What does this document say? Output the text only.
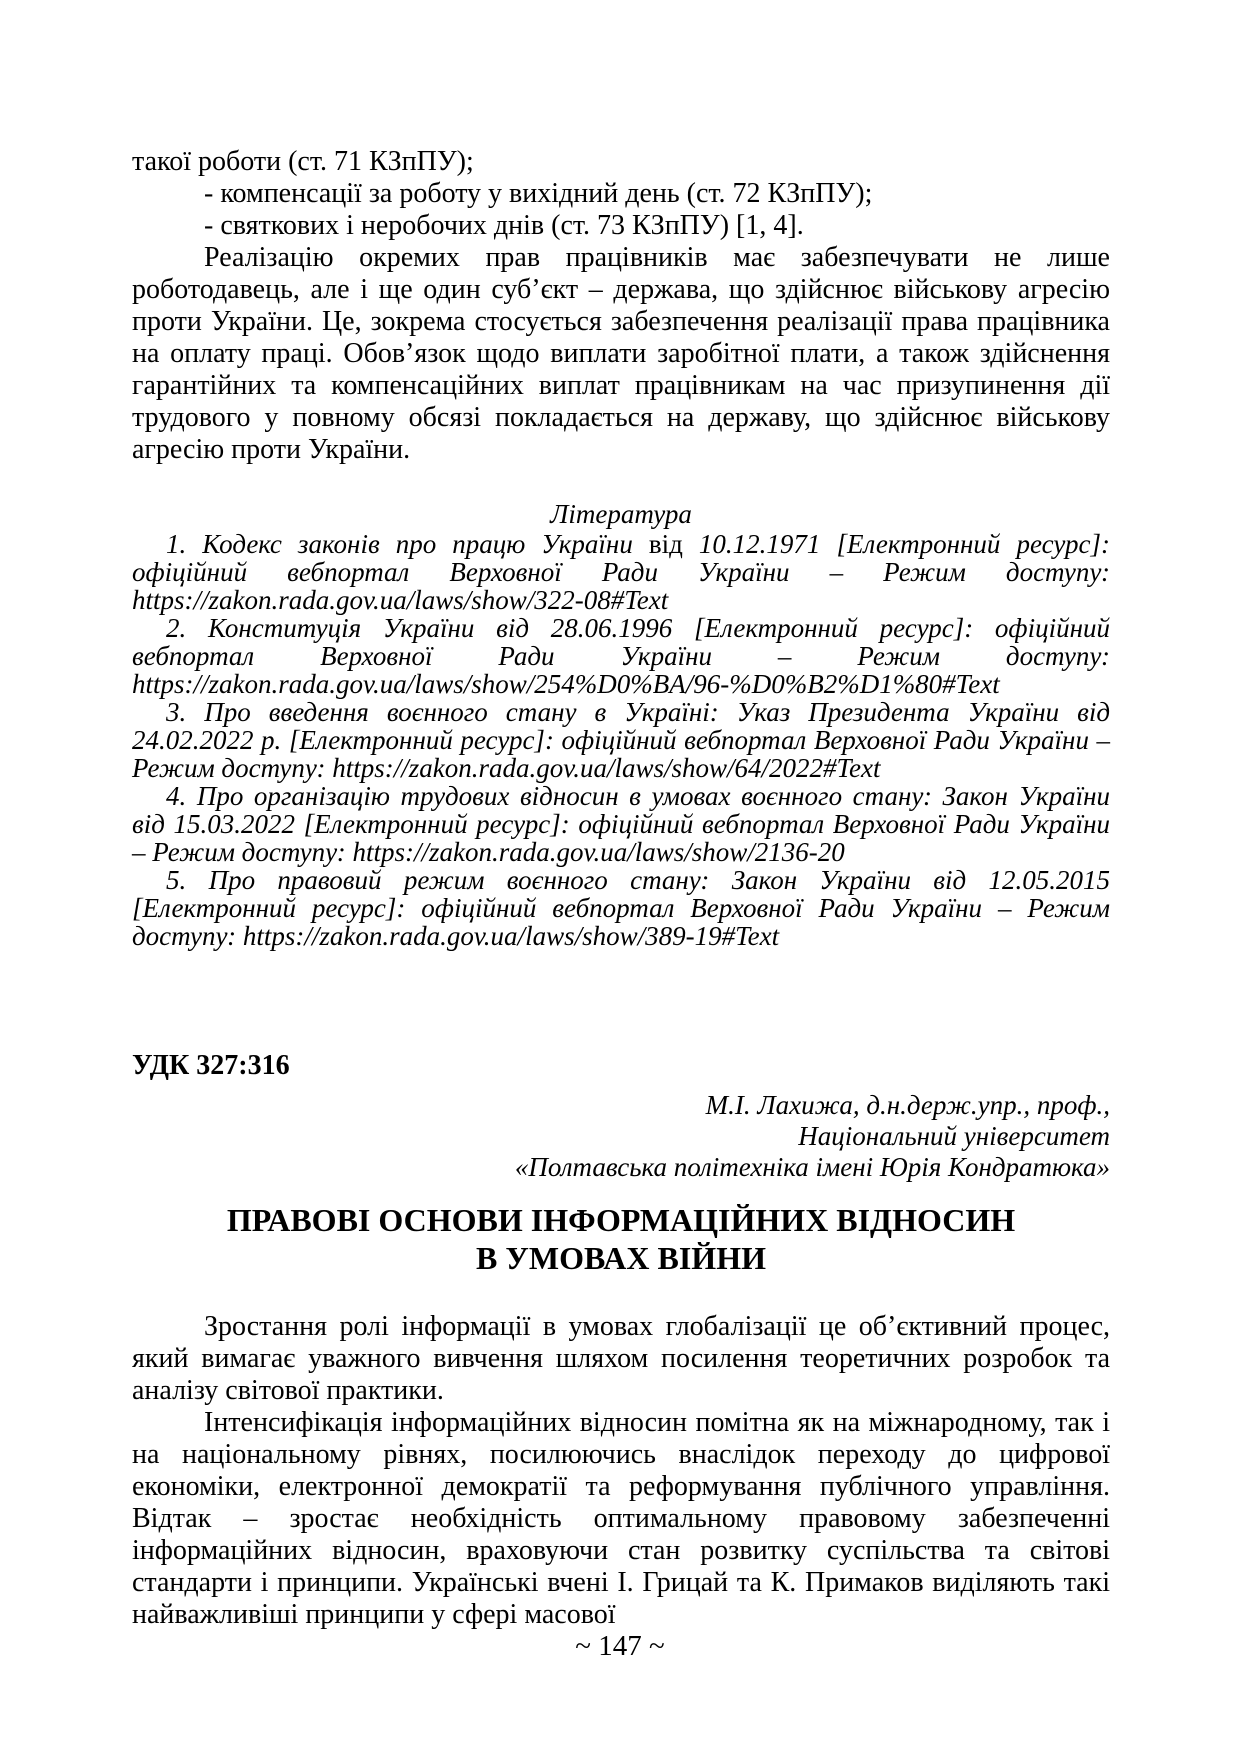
такої роботи (ст. 71 КЗпПУ);

- компенсації за роботу у вихідний день (ст. 72 КЗпПУ);

- святкових і неробочих днів (ст. 73 КЗпПУ) [1, 4].

Реалізацію окремих прав працівників має забезпечувати не лише роботодавець, але і ще один суб’єкт – держава, що здійснює військову агресію проти України. Це, зокрема стосується забезпечення реалізації права працівника на оплату праці. Обов’язок щодо виплати заробітної плати, а також здійснення гарантійних та компенсаційних виплат працівникам на час призупинення дії трудового у повному обсязі покладається на державу, що здійснює військову агресію проти України.

Література

1. Кодекс законів про працю України від 10.12.1971 [Електронний ресурс]: офіційний вебпортал Верховної Ради України – Режим доступу: https://zakon.rada.gov.ua/laws/show/322-08#Text

2. Конституція України від 28.06.1996 [Електронний ресурс]: офіційний вебпортал Верховної Ради України – Режим доступу: https://zakon.rada.gov.ua/laws/show/254%D0%BA/96-%D0%B2%D1%80#Text

3. Про введення воєнного стану в Україні: Указ Президента України від 24.02.2022 р. [Електронний ресурс]: офіційний вебпортал Верховної Ради України – Режим доступу: https://zakon.rada.gov.ua/laws/show/64/2022#Text

4. Про організацію трудових відносин в умовах воєнного стану: Закон України від 15.03.2022 [Електронний ресурс]: офіційний вебпортал Верховної Ради України – Режим доступу: https://zakon.rada.gov.ua/laws/show/2136-20

5. Про правовий режим воєнного стану: Закон України від 12.05.2015 [Електронний ресурс]: офіційний вебпортал Верховної Ради України – Режим доступу: https://zakon.rada.gov.ua/laws/show/389-19#Text

УДК 327:316
М.І. Лахижа, д.н.держ.упр., проф.,
Національний університет
«Полтавська політехніка імені Юрія Кондратюка»
ПРАВОВІ ОСНОВИ ІНФОРМАЦІЙНИХ ВІДНОСИН
В УМОВАХ ВІЙНИ

Зростання ролі інформації в умовах глобалізації це об’єктивний процес, який вимагає уважного вивчення шляхом посилення теоретичних розробок та аналізу світової практики.

Інтенсифікація інформаційних відносин помітна як на міжнародному, так і на національному рівнях, посилюючись внаслідок переходу до цифрової економіки, електронної демократії та реформування публічного управління. Відтак – зростає необхідність оптимальному правовому забезпеченні інформаційних відносин, враховуючи стан розвитку суспільства та світові стандарти і принципи. Українські вчені І. Грицай та К. Примаков виділяють такі найважливіші принципи у сфері масової

~ 147 ~
